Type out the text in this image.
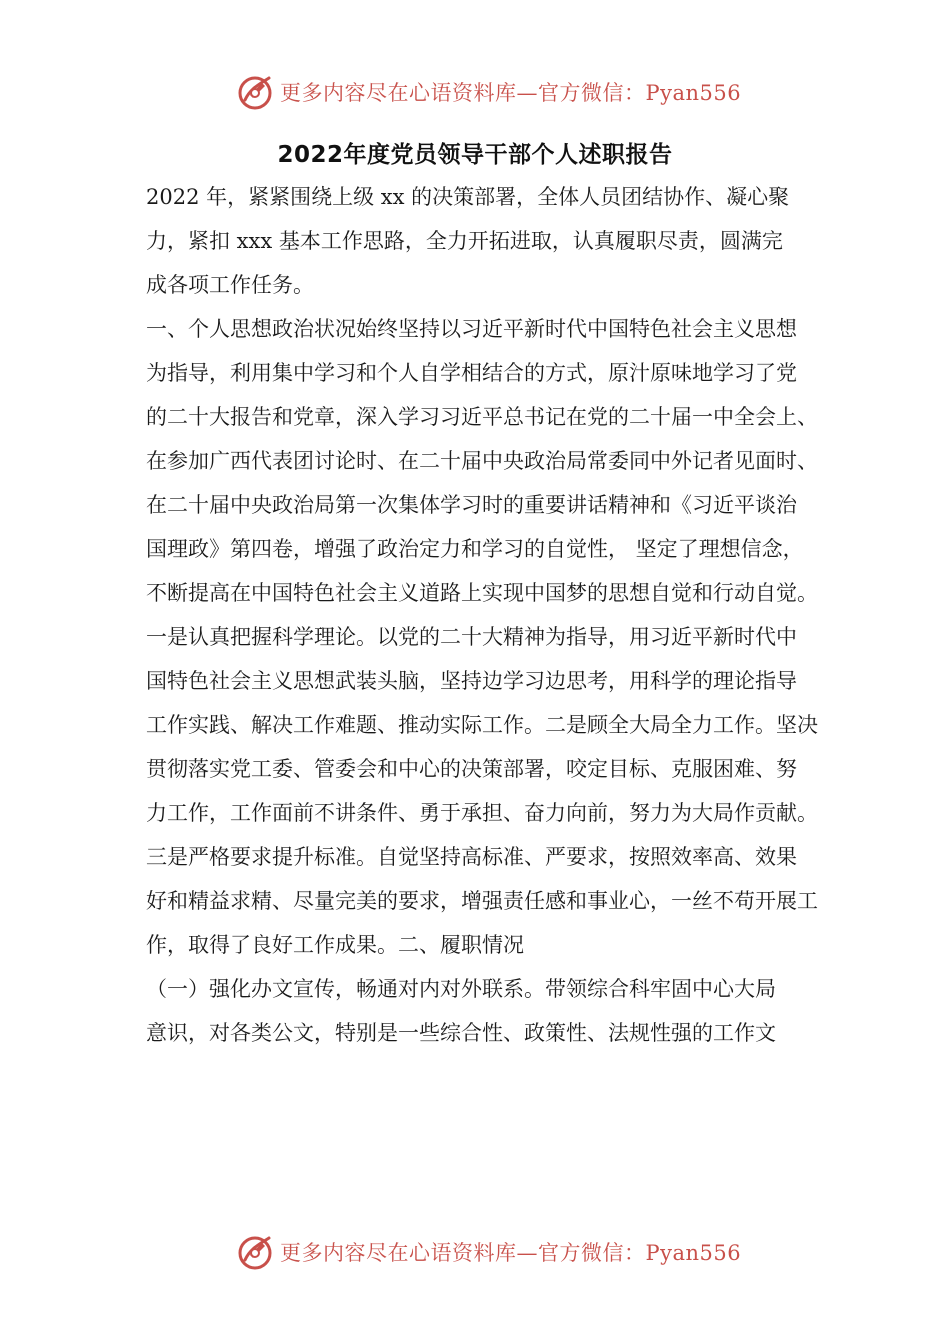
更多内容尽在心语资料库—官方微信：Pyan556
2022年度党员领导干部个人述职报告
2022 年，紧紧围绕上级 xx 的决策部署，全体人员团结协作、凝心聚
力，紧扣 xxx 基本工作思路，全力开拓进取，认真履职尽责，圆满完
成各项工作任务。
一、个人思想政治状况始终坚持以习近平新时代中国特色社会主义思想
为指导，利用集中学习和个人自学相结合的方式，原汁原味地学习了党
的二十大报告和党章，深入学习习近平总书记在党的二十届一中全会上、
在参加广西代表团讨论时、在二十届中央政治局常委同中外记者见面时、
在二十届中央政治局第一次集体学习时的重要讲话精神和《习近平谈治
国理政》第四卷，增强了政治定力和学习的自觉性， 坚定了理想信念，
不断提高在中国特色社会主义道路上实现中国梦的思想自觉和行动自觉。
一是认真把握科学理论。以党的二十大精神为指导，用习近平新时代中
国特色社会主义思想武装头脑，坚持边学习边思考，用科学的理论指导
工作实践、解决工作难题、推动实际工作。二是顾全大局全力工作。坚决
贯彻落实党工委、管委会和中心的决策部署，咬定目标、克服困难、努
力工作，工作面前不讲条件、勇于承担、奋力向前，努力为大局作贡献。
三是严格要求提升标准。自觉坚持高标准、严要求，按照效率高、效果
好和精益求精、尽量完美的要求，增强责任感和事业心，一丝不苟开展工
作，取得了良好工作成果。二、履职情况
（一）强化办文宣传，畅通对内对外联系。带领综合科牢固中心大局
意识，对各类公文，特别是一些综合性、政策性、法规性强的工作文
更多内容尽在心语资料库—官方微信：Pyan556
